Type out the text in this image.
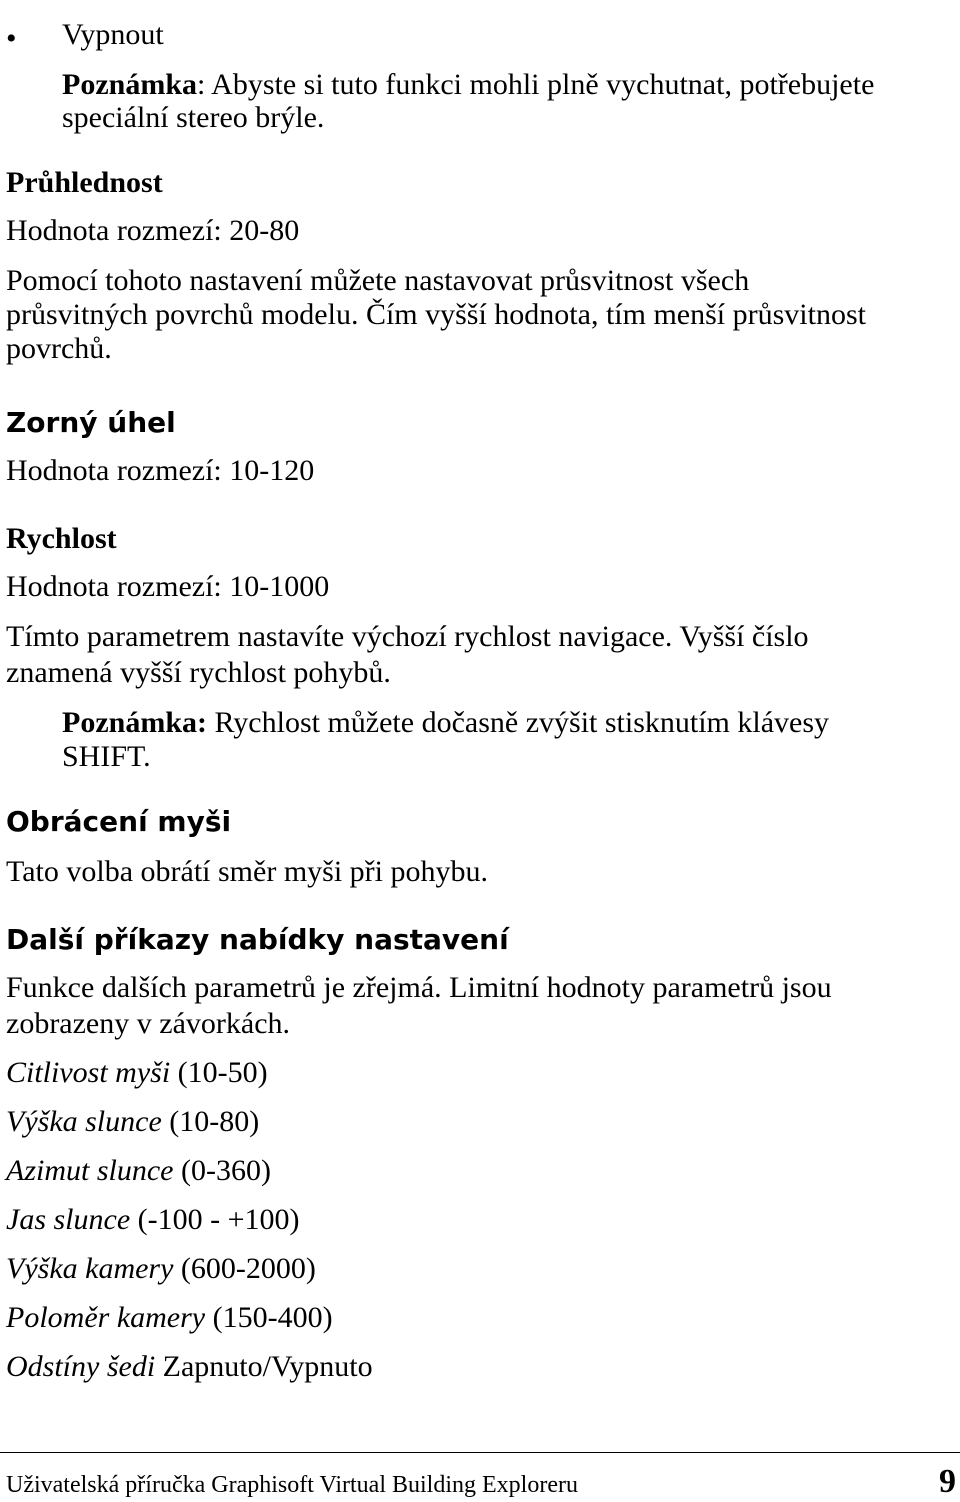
• Vypnout

Poznámka: Abyste si tuto funkci mohli plně vychutnat, potřebujete

speciální stereo brýle.

Průhlednost

Hodnota rozmezí: 20-80

Pomocí tohoto nastavení můžete nastavovat průsvitnost všech

průsvitných povrchů modelu. Čím vyšší hodnota, tím menší průsvitnost

povrchů.

Zorný úhel

Hodnota rozmezí: 10-120

Rychlost

Hodnota rozmezí: 10-1000

Tímto parametrem nastavíte výchozí rychlost navigace. Vyšší číslo

znamená vyšší rychlost pohybů.

Poznámka: Rychlost můžete dočasně zvýšit stisknutím klávesy

SHIFT.

Obrácení myši

Tato volba obrátí směr myši při pohybu.

Další příkazy nabídky nastavení

Funkce dalších parametrů je zřejmá. Limitní hodnoty parametrů jsou

zobrazeny v závorkách.

Citlivost myši (10-50)

Výška slunce (10-80)

Azimut slunce (0-360)

Jas slunce (-100 - +100)

Výška kamery (600-2000)

Poloměr kamery (150-400)

Odstíny šedi Zapnuto/Vypnuto

Uživatelská příručka Graphisoft Virtual Building Exploreru	9
